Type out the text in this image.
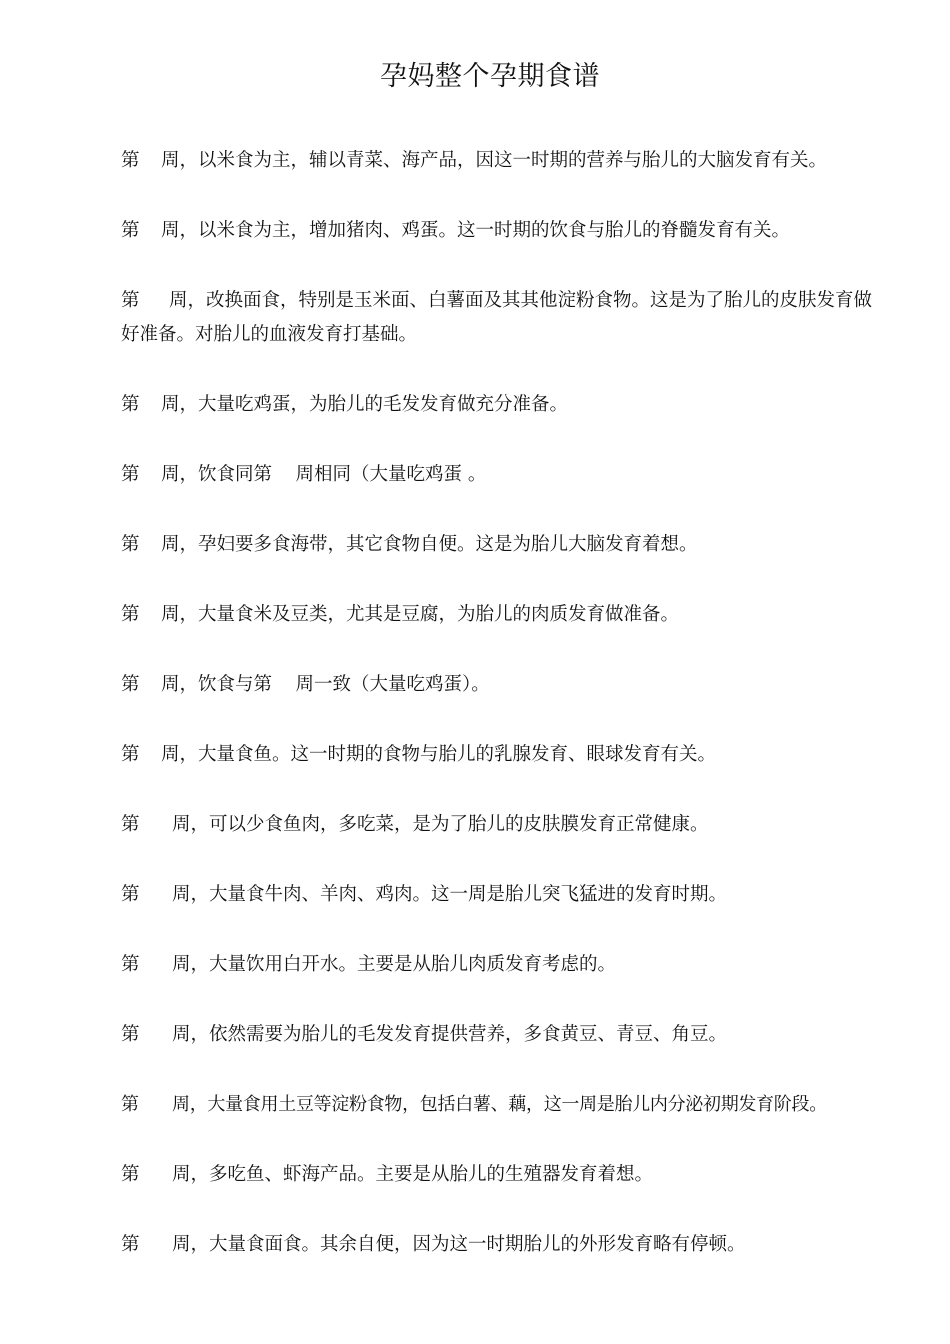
孕妈整个孕期食谱

第	周，以米食为主，辅以青菜、海产品，因这一时期的营养与胎儿的大脑发育有关。

第	周，以米食为主，增加猪肉、鸡蛋。这一时期的饮食与胎儿的脊髓发育有关。

第 周，改换面食，特别是玉米面、白薯面及其其他淀粉食物。这是为了胎儿的皮肤发育做好准备。对胎儿的血液发育打基础。

第	周，大量吃鸡蛋，为胎儿的毛发发育做充分准备。

第	周，饮食同第    周相同（大量吃鸡蛋 。

第	周，孕妇要多食海带，其它食物自便。这是为胎儿大脑发育着想。

第	周，大量食米及豆类，尤其是豆腐，为胎儿的肉质发育做准备。

第	周，饮食与第    周一致（大量吃鸡蛋）。

第	周，大量食鱼。这一时期的食物与胎儿的乳腺发育、眼球发育有关。

第	周，可以少食鱼肉，多吃菜，是为了胎儿的皮肤膜发育正常健康。

第	周，大量食牛肉、羊肉、鸡肉。这一周是胎儿突飞猛进的发育时期。

第	周，大量饮用白开水。主要是从胎儿肉质发育考虑的。

第	周，依然需要为胎儿的毛发发育提供营养，多食黄豆、青豆、角豆。

第	周，大量食用土豆等淀粉食物，包括白薯、藕，这一周是胎儿内分泌初期发育阶段。

第	周，多吃鱼、虾海产品。主要是从胎儿的生殖器发育着想。

第	周，大量食面食。其余自便，因为这一时期胎儿的外形发育略有停顿。
